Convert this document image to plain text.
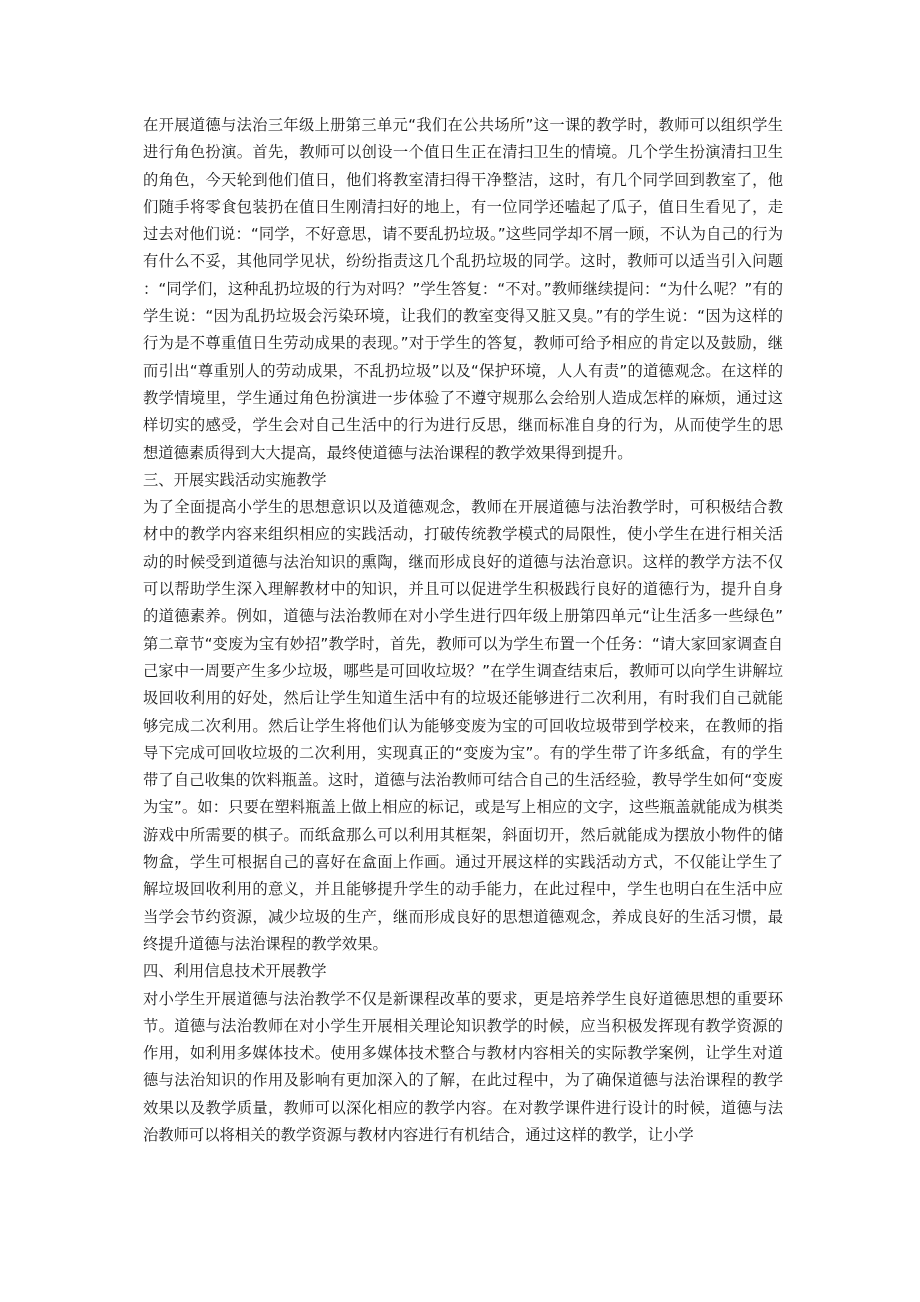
在开展道德与法治三年级上册第三单元“我们在公共场所”这一课的教学时，教师可以组织学生进行角色扮演。首先，教师可以创设一个值日生正在清扫卫生的情境。几个学生扮演清扫卫生的角色，今天轮到他们值日，他们将教室清扫得干净整洁，这时，有几个同学回到教室了，他们随手将零食包装扔在值日生刚清扫好的地上，有一位同学还嗑起了瓜子，值日生看见了，走过去对他们说：“同学，不好意思，请不要乱扔垃圾。”这些同学却不屑一顾，不认为自己的行为有什么不妥，其他同学见状，纷纷指责这几个乱扔垃圾的同学。这时，教师可以适当引入问题：“同学们，这种乱扔垃圾的行为对吗？”学生答复：“不对。”教师继续提问：“为什么呢？”有的学生说：“因为乱扔垃圾会污染环境，让我们的教室变得又脏又臭。”有的学生说：“因为这样的行为是不尊重值日生劳动成果的表现。”对于学生的答复，教师可给予相应的肯定以及鼓励，继而引出“尊重别人的劳动成果，不乱扔垃圾”以及“保护环境，人人有责”的道德观念。在这样的教学情境里，学生通过角色扮演进一步体验了不遵守规那么会给别人造成怎样的麻烦，通过这样切实的感受，学生会对自己生活中的行为进行反思，继而标准自身的行为，从而使学生的思想道德素质得到大大提高，最终使道德与法治课程的教学效果得到提升。

三、开展实践活动实施教学

为了全面提高小学生的思想意识以及道德观念，教师在开展道德与法治教学时，可积极结合教材中的教学内容来组织相应的实践活动，打破传统教学模式的局限性，使小学生在进行相关活动的时候受到道德与法治知识的熏陶，继而形成良好的道德与法治意识。这样的教学方法不仅可以帮助学生深入理解教材中的知识，并且可以促进学生积极践行良好的道德行为，提升自身的道德素养。例如，道德与法治教师在对小学生进行四年级上册第四单元“让生活多一些绿色”第二章节“变废为宝有妙招”教学时，首先，教师可以为学生布置一个任务：“请大家回家调查自己家中一周要产生多少垃圾，哪些是可回收垃圾？”在学生调查结束后，教师可以向学生讲解垃圾回收利用的好处，然后让学生知道生活中有的垃圾还能够进行二次利用，有时我们自己就能够完成二次利用。然后让学生将他们认为能够变废为宝的可回收垃圾带到学校来，在教师的指导下完成可回收垃圾的二次利用，实现真正的“变废为宝”。有的学生带了许多纸盒，有的学生带了自己收集的饮料瓶盖。这时，道德与法治教师可结合自己的生活经验，教导学生如何“变废为宝”。如：只要在塑料瓶盖上做上相应的标记，或是写上相应的文字，这些瓶盖就能成为棋类游戏中所需要的棋子。而纸盒那么可以利用其框架，斜面切开，然后就能成为摆放小物件的储物盒，学生可根据自己的喜好在盒面上作画。通过开展这样的实践活动方式，不仅能让学生了解垃圾回收利用的意义，并且能够提升学生的动手能力，在此过程中，学生也明白在生活中应当学会节约资源，减少垃圾的生产，继而形成良好的思想道德观念，养成良好的生活习惯，最终提升道德与法治课程的教学效果。

四、利用信息技术开展教学

对小学生开展道德与法治教学不仅是新课程改革的要求，更是培养学生良好道德思想的重要环节。道德与法治教师在对小学生开展相关理论知识教学的时候，应当积极发挥现有教学资源的作用，如利用多媒体技术。使用多媒体技术整合与教材内容相关的实际教学案例，让学生对道德与法治知识的作用及影响有更加深入的了解，在此过程中，为了确保道德与法治课程的教学效果以及教学质量，教师可以深化相应的教学内容。在对教学课件进行设计的时候，道德与法治教师可以将相关的教学资源与教材内容进行有机结合，通过这样的教学，让小学
